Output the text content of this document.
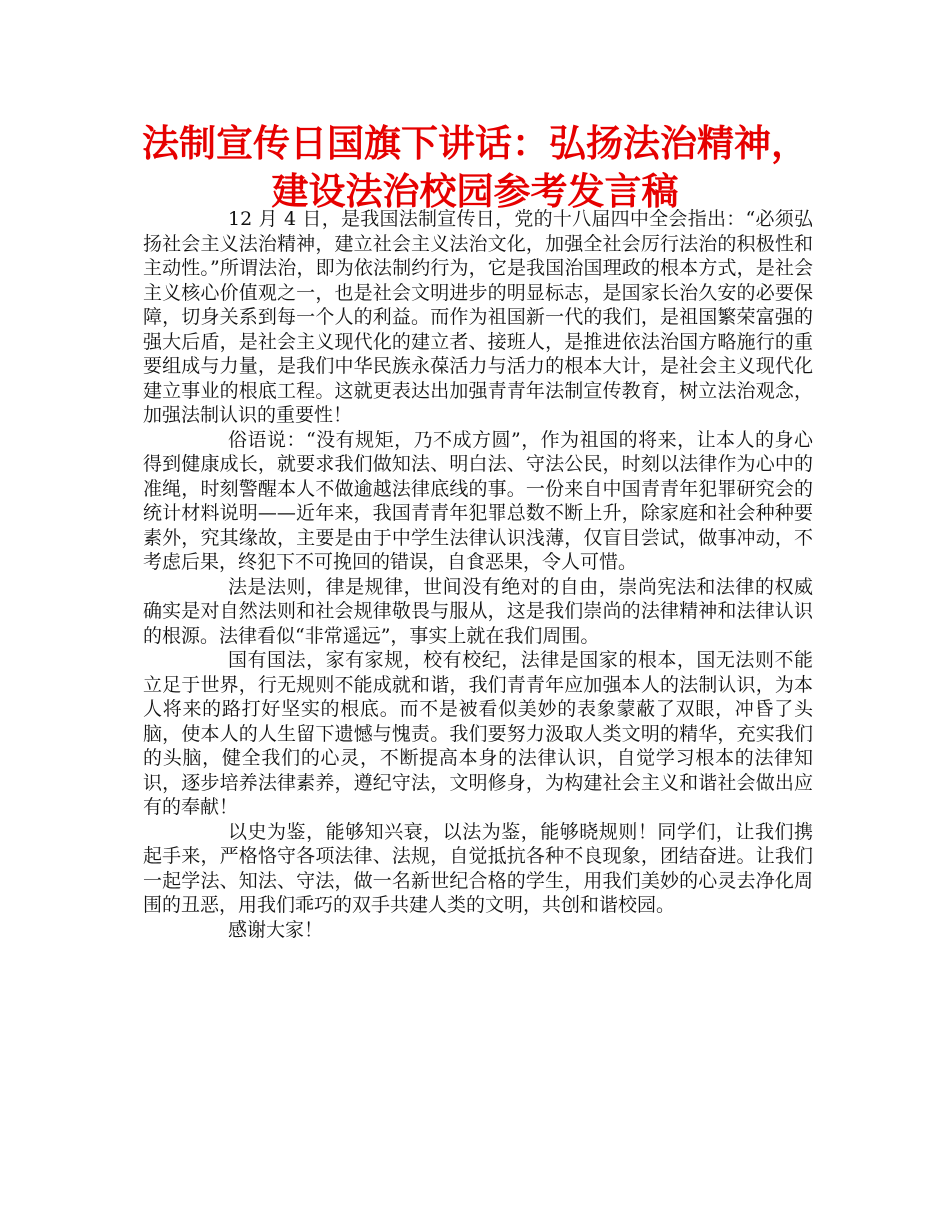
法制宣传日国旗下讲话：弘扬法治精神，
建设法治校园参考发言稿

12 月 4 日，是我国法制宣传日，党的十八届四中全会指出：“必须弘扬社会主义法治精神，建立社会主义法治文化，加强全社会厉行法治的积极性和主动性。”所谓法治，即为依法制约行为，它是我国治国理政的根本方式，是社会主义核心价值观之一，也是社会文明进步的明显标志，是国家长治久安的必要保障，切身关系到每一个人的利益。而作为祖国新一代的我们，是祖国繁荣富强的强大后盾，是社会主义现代化的建立者、接班人，是推进依法治国方略施行的重要组成与力量，是我们中华民族永葆活力与活力的根本大计，是社会主义现代化建立事业的根底工程。这就更表达出加强青青年法制宣传教育，树立法治观念，加强法制认识的重要性！

俗语说：“没有规矩，乃不成方圆”，作为祖国的将来，让本人的身心得到健康成长，就要求我们做知法、明白法、守法公民，时刻以法律作为心中的准绳，时刻警醒本人不做逾越法律底线的事。一份来自中国青青年犯罪研究会的统计材料说明——近年来，我国青青年犯罪总数不断上升，除家庭和社会种种要素外，究其缘故，主要是由于中学生法律认识浅薄，仅盲目尝试，做事冲动，不考虑后果，终犯下不可挽回的错误，自食恶果，令人可惜。

法是法则，律是规律，世间没有绝对的自由，崇尚宪法和法律的权威确实是对自然法则和社会规律敬畏与服从，这是我们崇尚的法律精神和法律认识的根源。法律看似“非常遥远”，事实上就在我们周围。

国有国法，家有家规，校有校纪，法律是国家的根本，国无法则不能立足于世界，行无规则不能成就和谐，我们青青年应加强本人的法制认识，为本人将来的路打好坚实的根底。而不是被看似美妙的表象蒙蔽了双眼，冲昏了头脑，使本人的人生留下遗憾与愧责。我们要努力汲取人类文明的精华，充实我们的头脑，健全我们的心灵，不断提高本身的法律认识，自觉学习根本的法律知识，逐步培养法律素养，遵纪守法，文明修身，为构建社会主义和谐社会做出应有的奉献！

以史为鉴，能够知兴衰，以法为鉴，能够晓规则！同学们，让我们携起手来，严格恪守各项法律、法规，自觉抵抗各种不良现象，团结奋进。让我们一起学法、知法、守法，做一名新世纪合格的学生，用我们美妙的心灵去净化周围的丑恶，用我们乖巧的双手共建人类的文明，共创和谐校园。

感谢大家！
